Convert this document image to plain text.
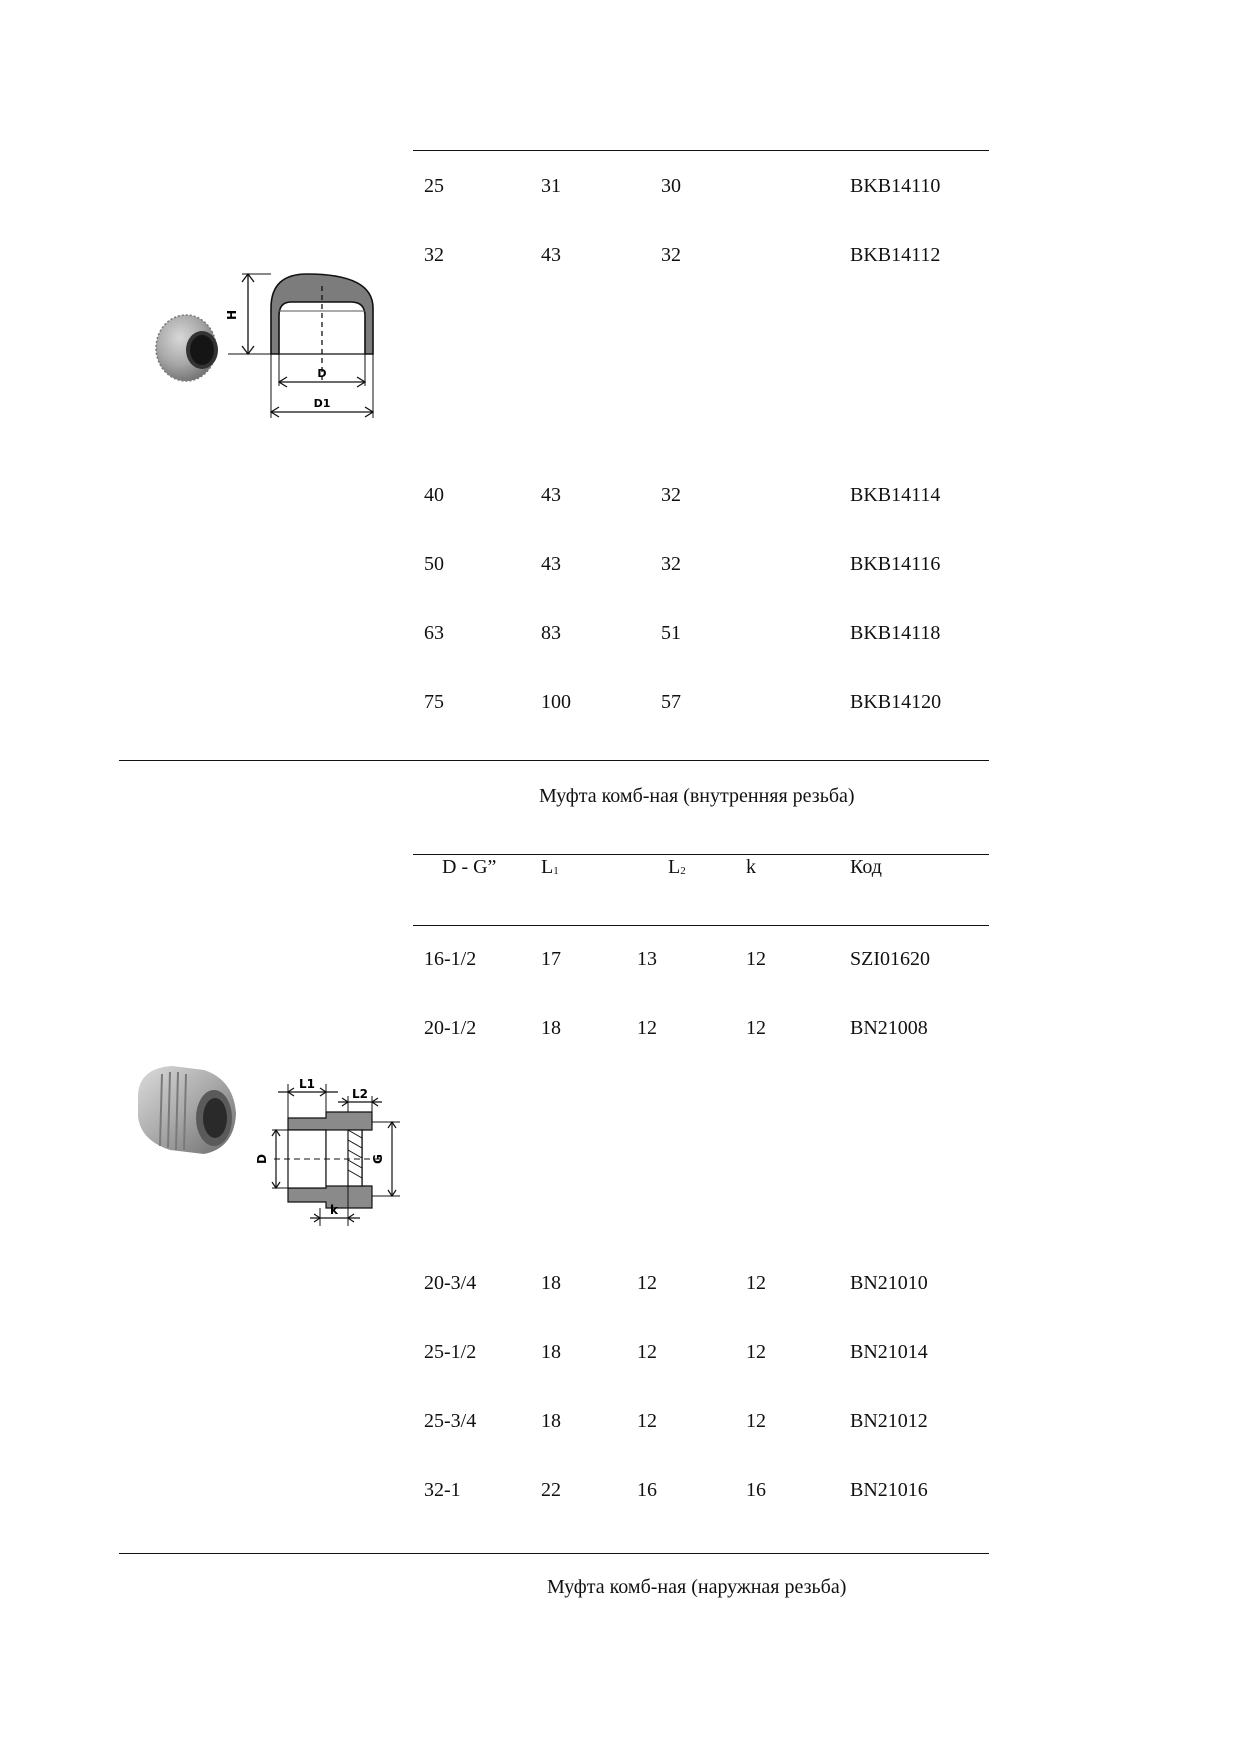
25	31	30	BKB14110
32	43	32	BKB14112
40	43	32	BKB14114
50	43	32	BKB14116
63	83	51	BKB14118
75	100	57	BKB14120
H
D
D1
Муфта комб-ная (внутренняя резьба)
D - G” L1	L2	k	Код
16-1/2	17	13	12	SZI01620
20-1/2	18	12	12	BN21008
20-3/4	18	12	12	BN21010
25-1/2	18	12	12	BN21014
25-3/4	18	12	12	BN21012
32-1	22	16	16	BN21016
L1
L2
D	G
k
Муфта комб-ная (наружная резьба)
